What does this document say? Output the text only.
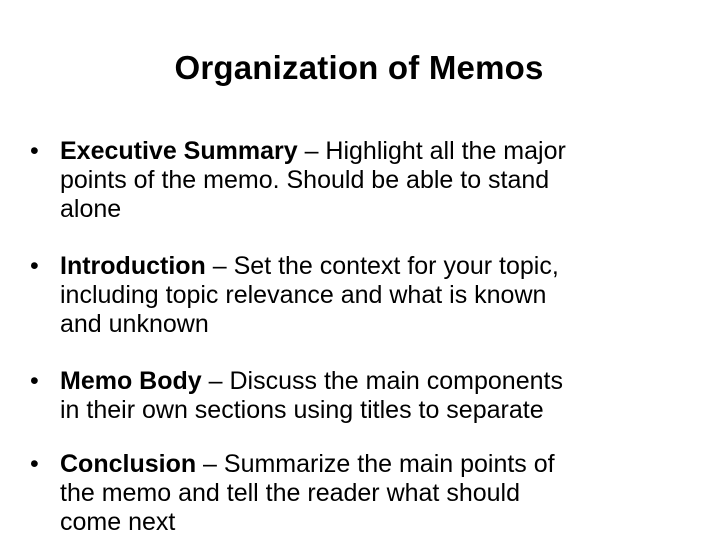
Organization of Memos
• Executive Summary – Highlight all the major
points of the memo. Should be able to stand
alone
• Introduction – Set the context for your topic,
including topic relevance and what is known
and unknown
• Memo Body – Discuss the main components
in their own sections using titles to separate
• Conclusion – Summarize the main points of
the memo and tell the reader what should
come next
